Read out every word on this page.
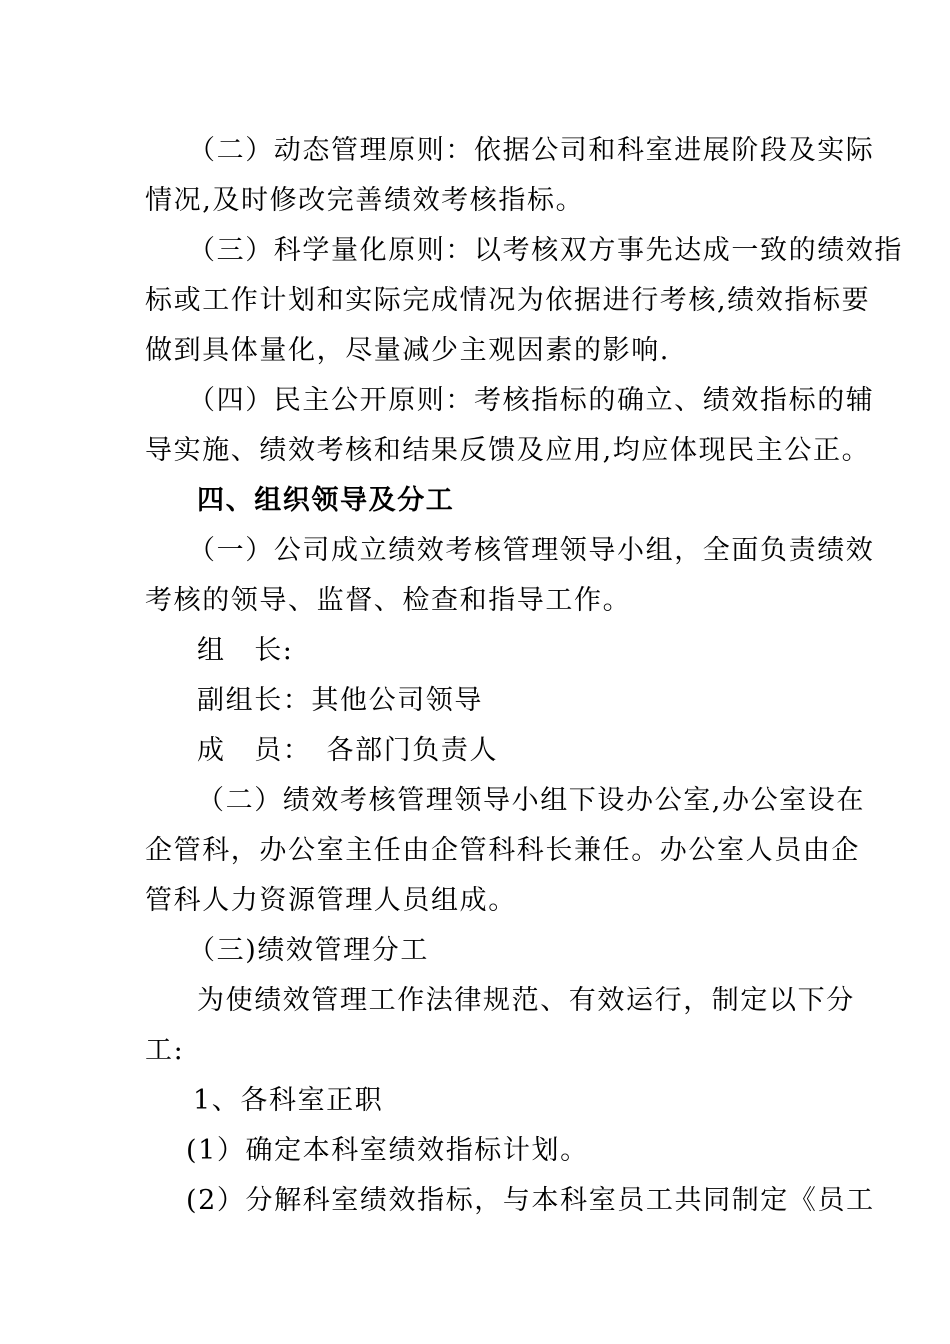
（二）动态管理原则：依据公司和科室进展阶段及实际
情况,及时修改完善绩效考核指标。
（三）科学量化原则：以考核双方事先达成一致的绩效指
标或工作计划和实际完成情况为依据进行考核,绩效指标要
做到具体量化，尽量减少主观因素的影响.
（四）民主公开原则：考核指标的确立、绩效指标的辅
导实施、绩效考核和结果反馈及应用,均应体现民主公正。
四、组织领导及分工
（一）公司成立绩效考核管理领导小组，全面负责绩效
考核的领导、监督、检查和指导工作。
组　长:
副组长：其他公司领导
成　员：　各部门负责人
（二）绩效考核管理领导小组下设办公室,办公室设在
企管科，办公室主任由企管科科长兼任。办公室人员由企
管科人力资源管理人员组成。
（三)绩效管理分工
为使绩效管理工作法律规范、有效运行，制定以下分
工:
1、各科室正职
(1）确定本科室绩效指标计划。
(2）分解科室绩效指标，与本科室员工共同制定《员工
